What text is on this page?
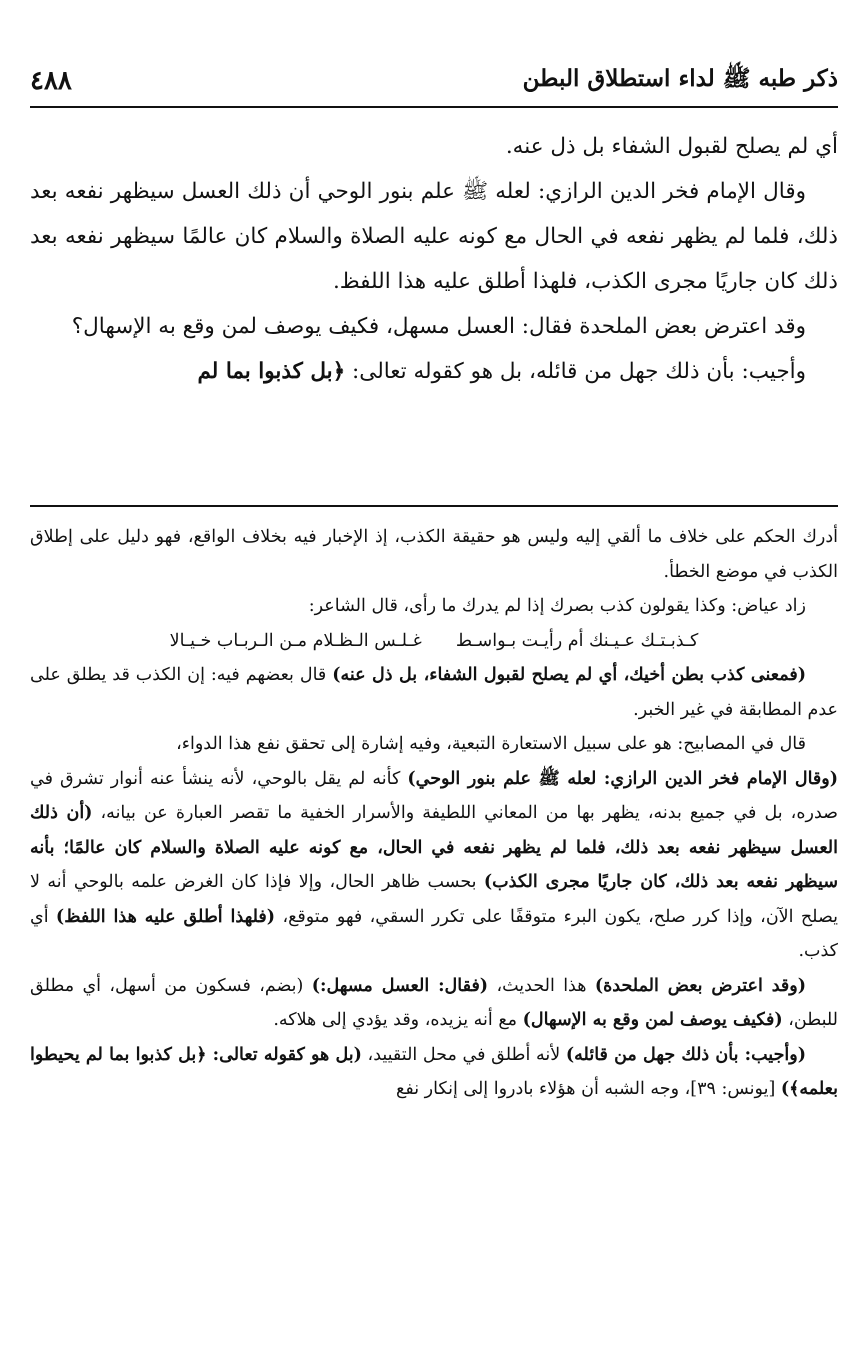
ذكر طبه ﷺ لداء استطلاق البطن
٤٨٨

أي لم يصلح لقبول الشفاء بل ذل عنه.

وقال الإمام فخر الدين الرازي: لعله ﷺ علم بنور الوحي أن ذلك العسل سيظهر نفعه بعد ذلك، فلما لم يظهر نفعه في الحال مع كونه عليه الصلاة والسلام كان عالمًا سيظهر نفعه بعد ذلك كان جاريًا مجرى الكذب، فلهذا أطلق عليه هذا اللفظ.

وقد اعترض بعض الملحدة فقال: العسل مسهل، فكيف يوصف لمن وقع به الإسهال؟

وأجيب: بأن ذلك جهل من قائله، بل هو كقوله تعالى: ﴿بل كذبوا بما لم

أدرك الحكم على خلاف ما ألقي إليه وليس هو حقيقة الكذب، إذ الإخبار فيه بخلاف الواقع، فهو دليل على إطلاق الكذب في موضع الخطأ.

زاد عياض: وكذا يقولون كذب بصرك إذا لم يدرك ما رأى، قال الشاعر:

كـذبـتـك عـيـنك أم رأيـت بـواسـط غـلـس الـظـلام مـن الـربـاب خـيـالا

(فمعنى كذب بطن أخيك، أي لم يصلح لقبول الشفاء، بل ذل عنه) قال بعضهم فيه: إن الكذب قد يطلق على عدم المطابقة في غير الخبر.

قال في المصابيح: هو على سبيل الاستعارة التبعية، وفيه إشارة إلى تحقق نفع هذا الدواء،

(وقال الإمام فخر الدين الرازي: لعله ﷺ علم بنور الوحي) كأنه لم يقل بالوحي، لأنه ينشأ عنه أنوار تشرق في صدره، بل في جميع بدنه، يظهر بها من المعاني اللطيفة والأسرار الخفية ما تقصر العبارة عن بيانه، (أن ذلك العسل سيظهر نفعه بعد ذلك، فلما لم يظهر نفعه في الحال، مع كونه عليه الصلاة والسلام كان عالمًا؛ بأنه سيظهر نفعه بعد ذلك، كان جاريًا مجرى الكذب) بحسب ظاهر الحال، وإلا فإذا كان الغرض علمه بالوحي أنه لا يصلح الآن، وإذا كرر صلح، يكون البرء متوقفًا على تكرر السقي، فهو متوقع، (فلهذا أطلق عليه هذا اللفظ) أي كذب.

(وقد اعترض بعض الملحدة) هذا الحديث، (فقال: العسل مسهل:) (بضم، فسكون من أسهل، أي مطلق للبطن، (فكيف يوصف لمن وقع به الإسهال) مع أنه يزيده، وقد يؤدي إلى هلاكه.

(وأجيب: بأن ذلك جهل من قائله) لأنه أطلق في محل التقييد، (بل هو كقوله تعالى: ﴿بل كذبوا بما لم يحيطوا بعلمه﴾) [يونس: ٣٩]، وجه الشبه أن هؤلاء بادروا إلى إنكار نفع
